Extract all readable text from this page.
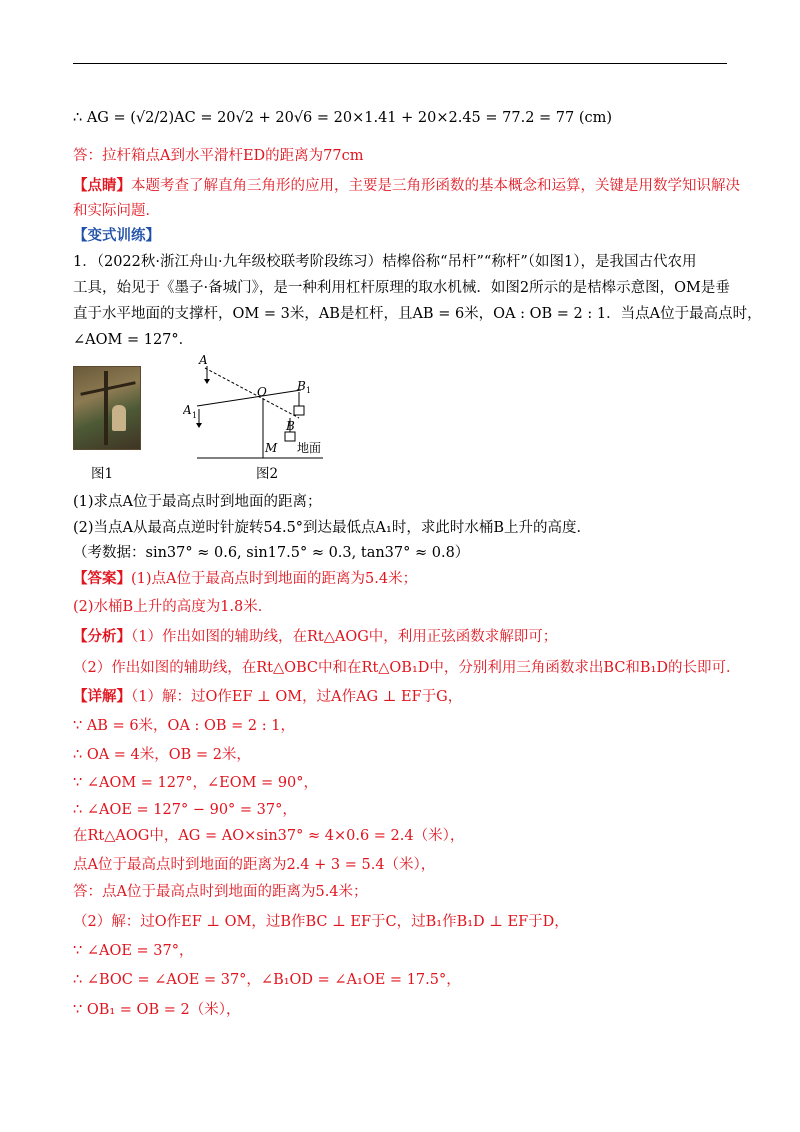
∴ AG = (√2/2)AC = 20√2 + 20√6 = 20×1.41 + 20×2.45 = 77.2 = 77 (cm)
答：拉杆箱点A到水平滑杆ED的距离为77cm
【点睛】本题考查了解直角三角形的应用，主要是三角形函数的基本概念和运算，关键是用数学知识解决
和实际问题．
【变式训练】
1．（2022秋·浙江舟山·九年级校联考阶段练习）桔槔俗称“吊杆”“称杆”（如图1），是我国古代农用
工具，始见于《墨子·备城门》，是一种利用杠杆原理的取水机械．如图2所示的是桔槔示意图，OM是垂
直于水平地面的支撑杆，OM = 3米，AB是杠杆，且AB = 6米，OA : OB = 2 : 1．当点A位于最高点时，
∠AOM = 127°．
图1
A
A 1
O	B 1
B
M 地面
图2
(1)求点A位于最高点时到地面的距离；
(2)当点A从最高点逆时针旋转54.5°到达最低点A₁时，求此时水桶B上升的高度．
（考数据：sin37° ≈ 0.6, sin17.5° ≈ 0.3, tan37° ≈ 0.8）
【答案】(1)点A位于最高点时到地面的距离为5.4米；
(2)水桶B上升的高度为1.8米．
【分析】（1）作出如图的辅助线，在Rt△AOG中，利用正弦函数求解即可；
（2）作出如图的辅助线，在Rt△OBC中和在Rt△OB₁D中，分别利用三角函数求出BC和B₁D的长即可．
【详解】（1）解：过O作EF ⊥ OM，过A作AG ⊥ EF于G，
∵ AB = 6米，OA : OB = 2 : 1，
∴ OA = 4米，OB = 2米，
∵ ∠AOM = 127°，∠EOM = 90°，
∴ ∠AOE = 127° − 90° = 37°，
在Rt△AOG中，AG = AO×sin37° ≈ 4×0.6 = 2.4（米），
点A位于最高点时到地面的距离为2.4 + 3 = 5.4（米），
答：点A位于最高点时到地面的距离为5.4米；
（2）解：过O作EF ⊥ OM，过B作BC ⊥ EF于C，过B₁作B₁D ⊥ EF于D，
∵ ∠AOE = 37°，
∴ ∠BOC = ∠AOE = 37°，∠B₁OD = ∠A₁OE = 17.5°，
∵ OB₁ = OB = 2（米），
